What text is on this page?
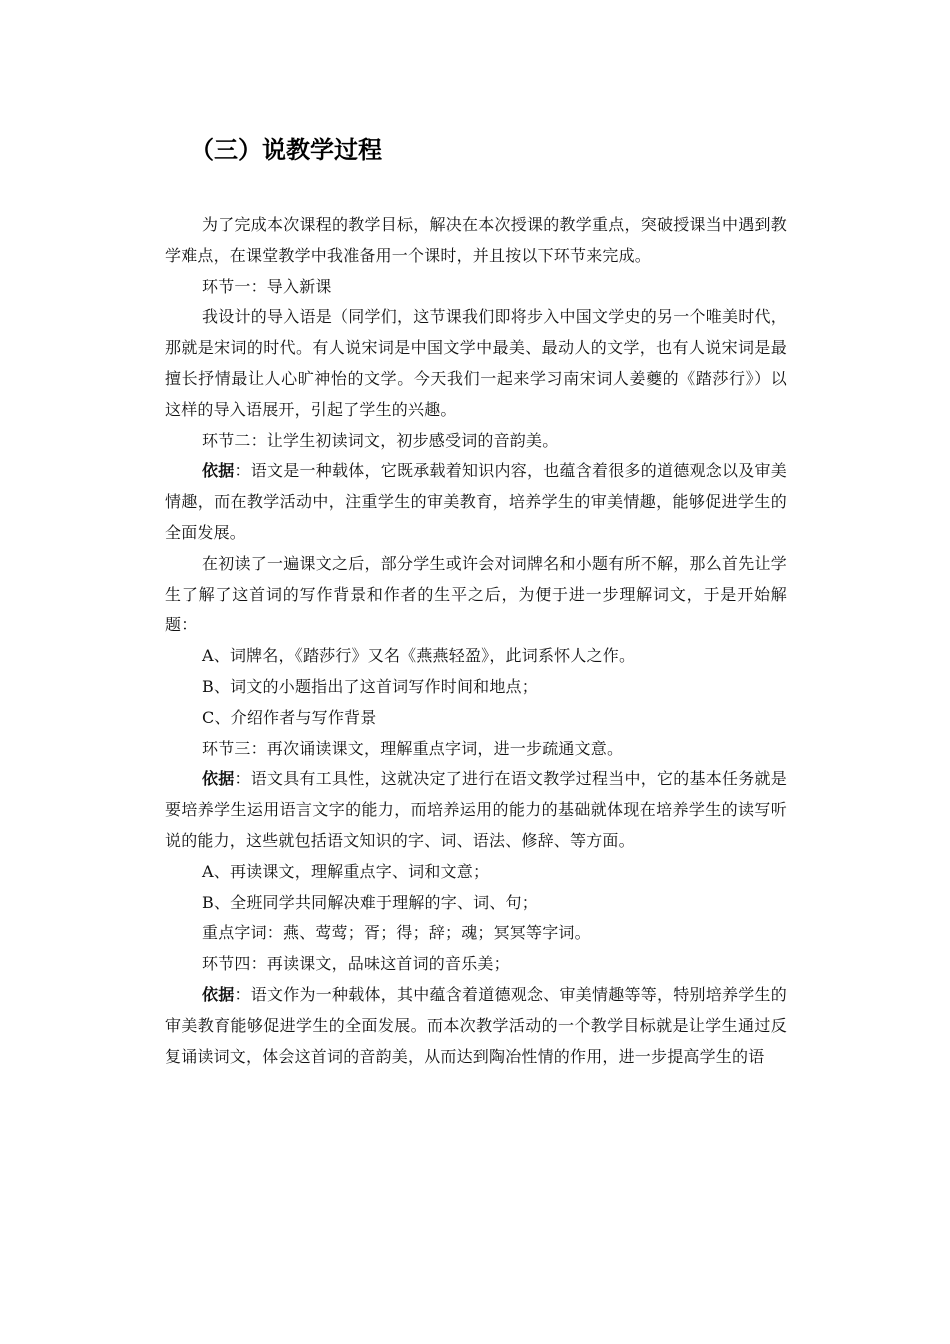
（三）说教学过程

为了完成本次课程的教学目标，解决在本次授课的教学重点，突破授课当中遇到教学难点，在课堂教学中我准备用一个课时，并且按以下环节来完成。

环节一：导入新课

我设计的导入语是（同学们，这节课我们即将步入中国文学史的另一个唯美时代，那就是宋词的时代。有人说宋词是中国文学中最美、最动人的文学，也有人说宋词是最擅长抒情最让人心旷神怡的文学。今天我们一起来学习南宋词人姜夔的《踏莎行》）以这样的导入语展开，引起了学生的兴趣。

环节二：让学生初读词文，初步感受词的音韵美。

依据：语文是一种载体，它既承载着知识内容，也蕴含着很多的道德观念以及审美情趣，而在教学活动中，注重学生的审美教育，培养学生的审美情趣，能够促进学生的全面发展。

在初读了一遍课文之后，部分学生或许会对词牌名和小题有所不解，那么首先让学生了解了这首词的写作背景和作者的生平之后，为便于进一步理解词文，于是开始解题：

A、词牌名，《踏莎行》又名《燕燕轻盈》，此词系怀人之作。

B、词文的小题指出了这首词写作时间和地点；

C、介绍作者与写作背景

环节三：再次诵读课文，理解重点字词，进一步疏通文意。

依据：语文具有工具性，这就决定了进行在语文教学过程当中，它的基本任务就是要培养学生运用语言文字的能力，而培养运用的能力的基础就体现在培养学生的读写听说的能力，这些就包括语文知识的字、词、语法、修辞、等方面。

A、再读课文，理解重点字、词和文意；

B、全班同学共同解决难于理解的字、词、句；

重点字词：燕、莺莺；胥；得；辞；魂；冥冥等字词。

环节四：再读课文，品味这首词的音乐美；

依据：语文作为一种载体，其中蕴含着道德观念、审美情趣等等，特别培养学生的审美教育能够促进学生的全面发展。而本次教学活动的一个教学目标就是让学生通过反复诵读词文，体会这首词的音韵美，从而达到陶冶性情的作用，进一步提高学生的语
